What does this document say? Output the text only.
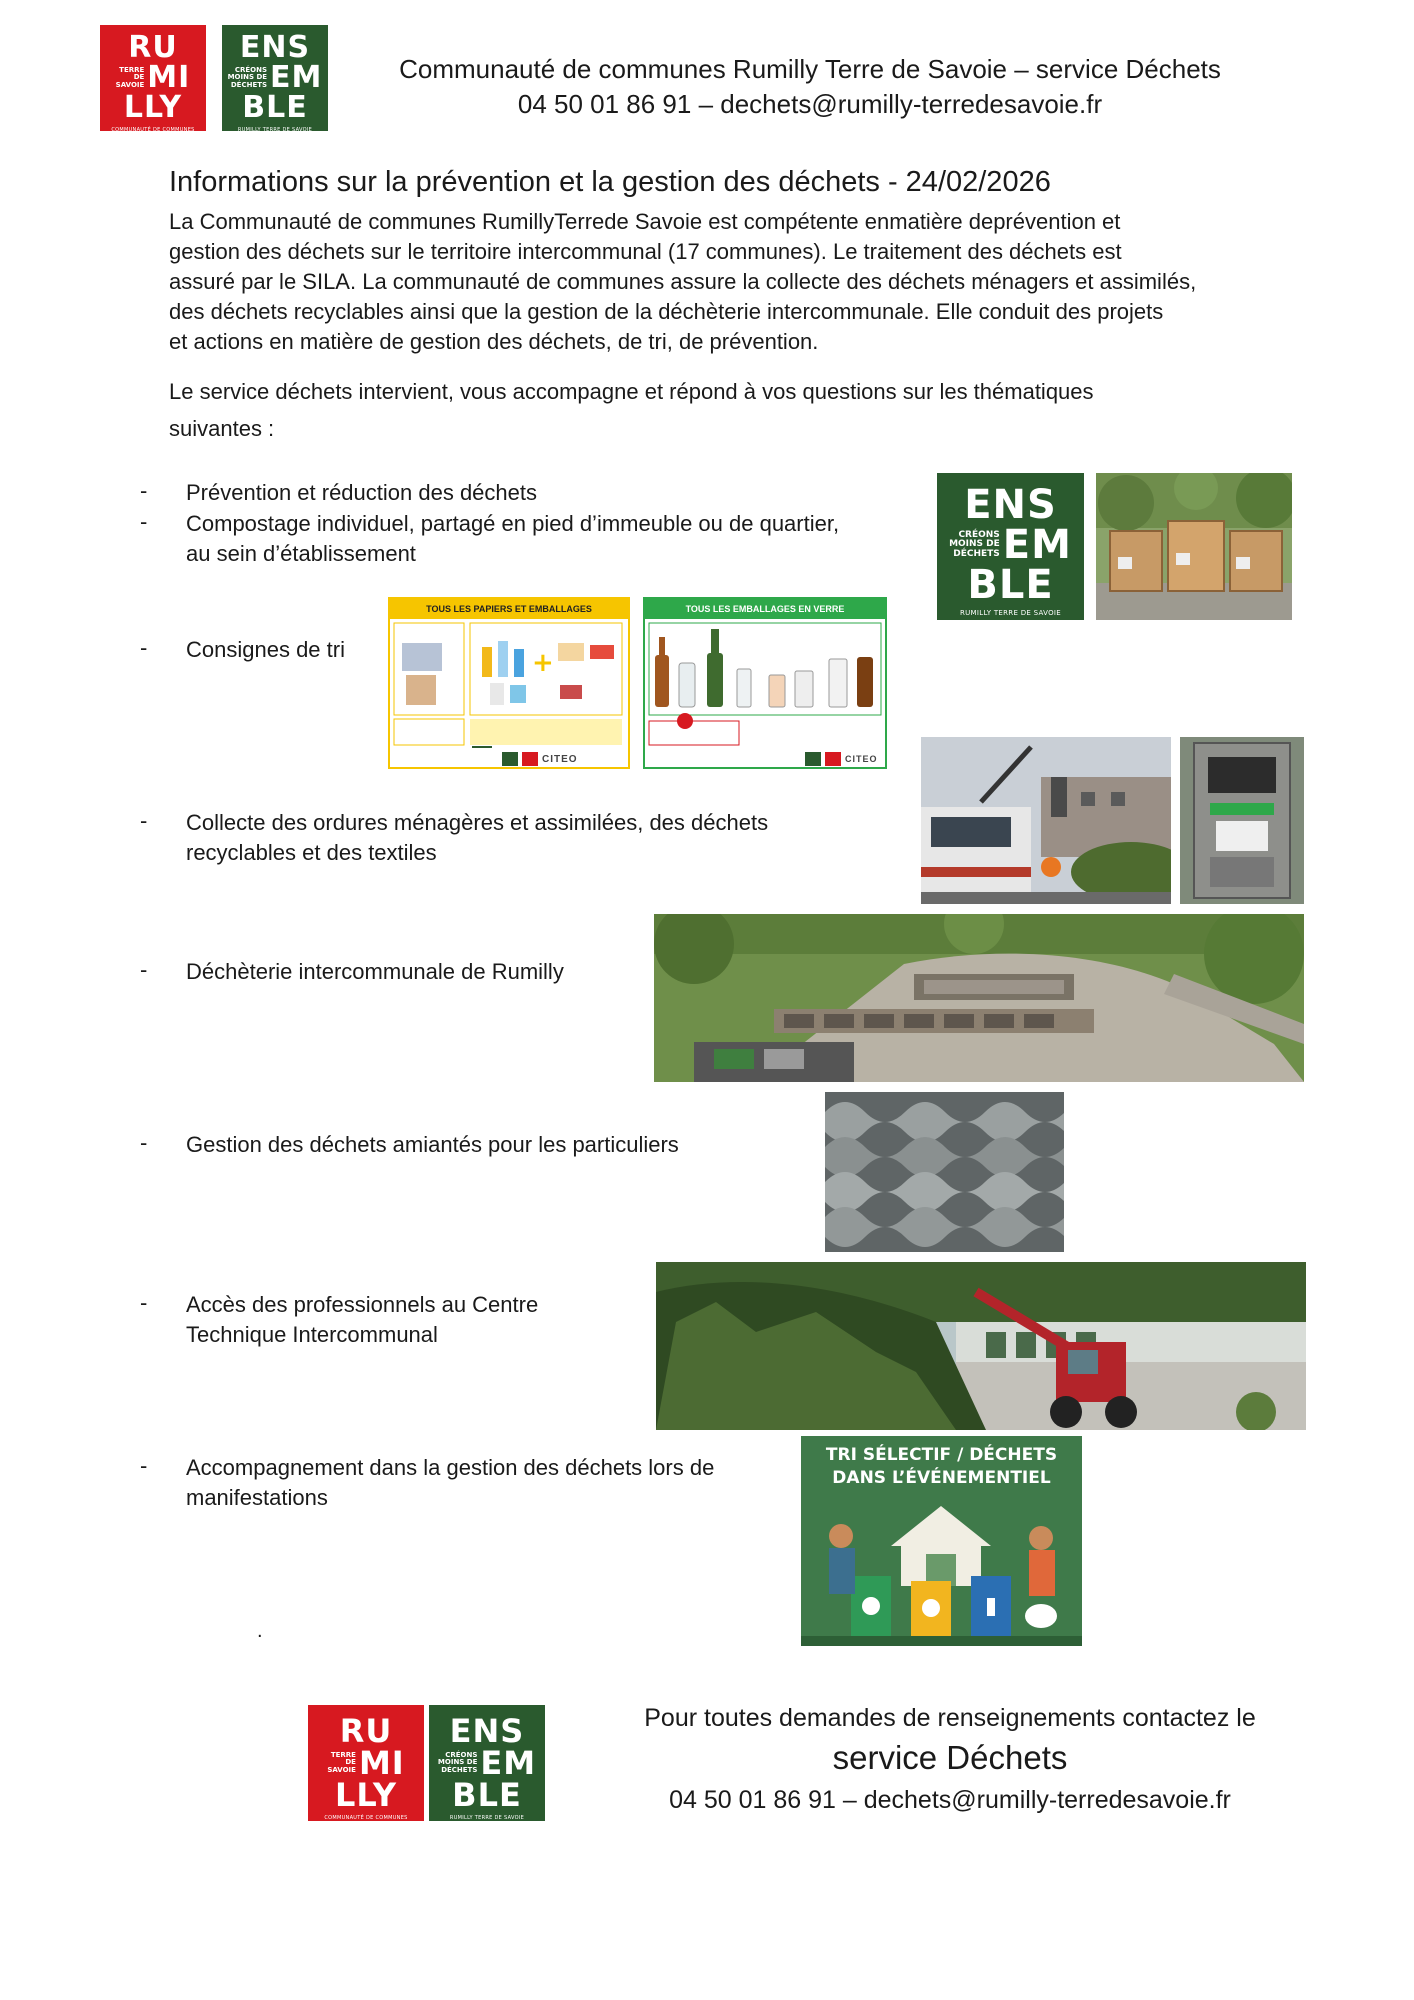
RU
TERRE
DE
SAVOIE MI
LLY
COMMUNAUTÉ DE COMMUNES
ENS
CRÉONS
MOINS DE
DÉCHETS EM
BLE
RUMILLY TERRE DE SAVOIE
Communauté de communes Rumilly Terre de Savoie – service Déchets
04 50 01 86 91 – dechets@rumilly-terredesavoie.fr
Informations sur la prévention et la gestion des déchets - 24/02/2026
La Communauté de communes RumillyTerrede Savoie est compétente enmatière deprévention et
gestion des déchets sur le territoire intercommunal (17 communes). Le traitement des déchets est
assuré par le SILA. La communauté de communes assure la collecte des déchets ménagers et assimilés,
des déchets recyclables ainsi que la gestion de la déchèterie intercommunale. Elle conduit des projets
et actions en matière de gestion des déchets, de tri, de prévention.
Le service déchets intervient, vous accompagne et répond à vos questions sur les thématiques
suivantes :
- Prévention et réduction des déchets
- Compostage individuel, partagé en pied d’immeuble ou de quartier,
au sein d’établissement
ENS
CRÉONS
MOINS DE
DÉCHETS EM
BLE
RUMILLY TERRE DE SAVOIE
- Consignes de tri
TOUS LES PAPIERS ET EMBALLAGES
+
CITEO
TOUS LES EMBALLAGES EN VERRE
CITEO
- Collecte des ordures ménagères et assimilées, des déchets
recyclables et des textiles
- Déchèterie intercommunale de Rumilly
- Gestion des déchets amiantés pour les particuliers
- Accès des professionnels au Centre
Technique Intercommunal
- Accompagnement dans la gestion des déchets lors de
manifestations
TRI SÉLECTIF / DÉCHETS
DANS L’ÉVÉNEMENTIEL
.
RU
TERRE
DE
SAVOIE MI
LLY
COMMUNAUTÉ DE COMMUNES
ENS
CRÉONS
MOINS DE
DÉCHETS EM
BLE
RUMILLY TERRE DE SAVOIE
Pour toutes demandes de renseignements contactez le
service Déchets
04 50 01 86 91 – dechets@rumilly-terredesavoie.fr
